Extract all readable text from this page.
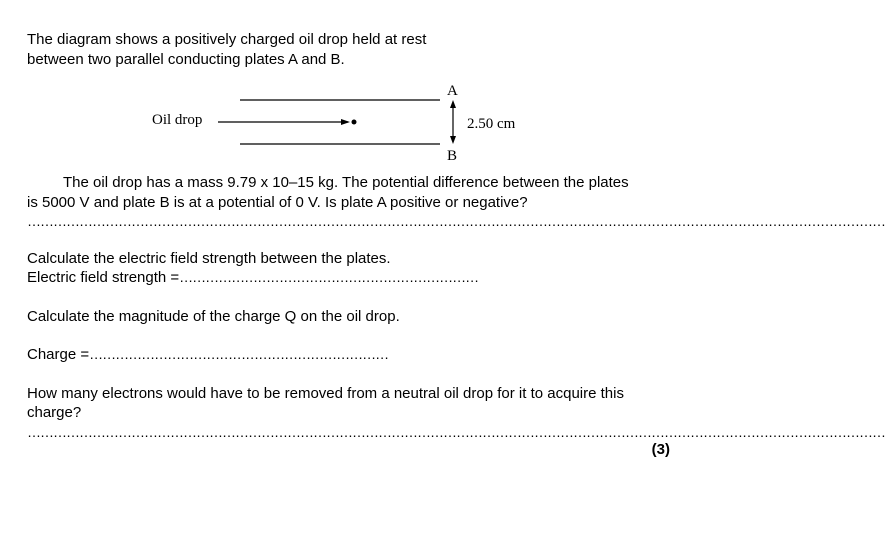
The diagram shows a positively charged oil drop held at rest
between two parallel conducting plates A and B.
Oil drop
A
B
2.50 cm
The oil drop has a mass 9.79 x 10–15 kg. The potential difference between the plates
is 5000 V and plate B is at a potential of 0 V. Is plate A positive or negative?
………………………………………………………………………………………………………………………………………………………………………………
Calculate the electric field strength between the plates.
Electric field strength =……………………………………………………………
Calculate the magnitude of the charge Q on the oil drop.
Charge =……………………………………………………………
How many electrons would have to be removed from a neutral oil drop for it to acquire this
charge?
………………………………………………………………………………………………………………………………………………………………………………
(3)
